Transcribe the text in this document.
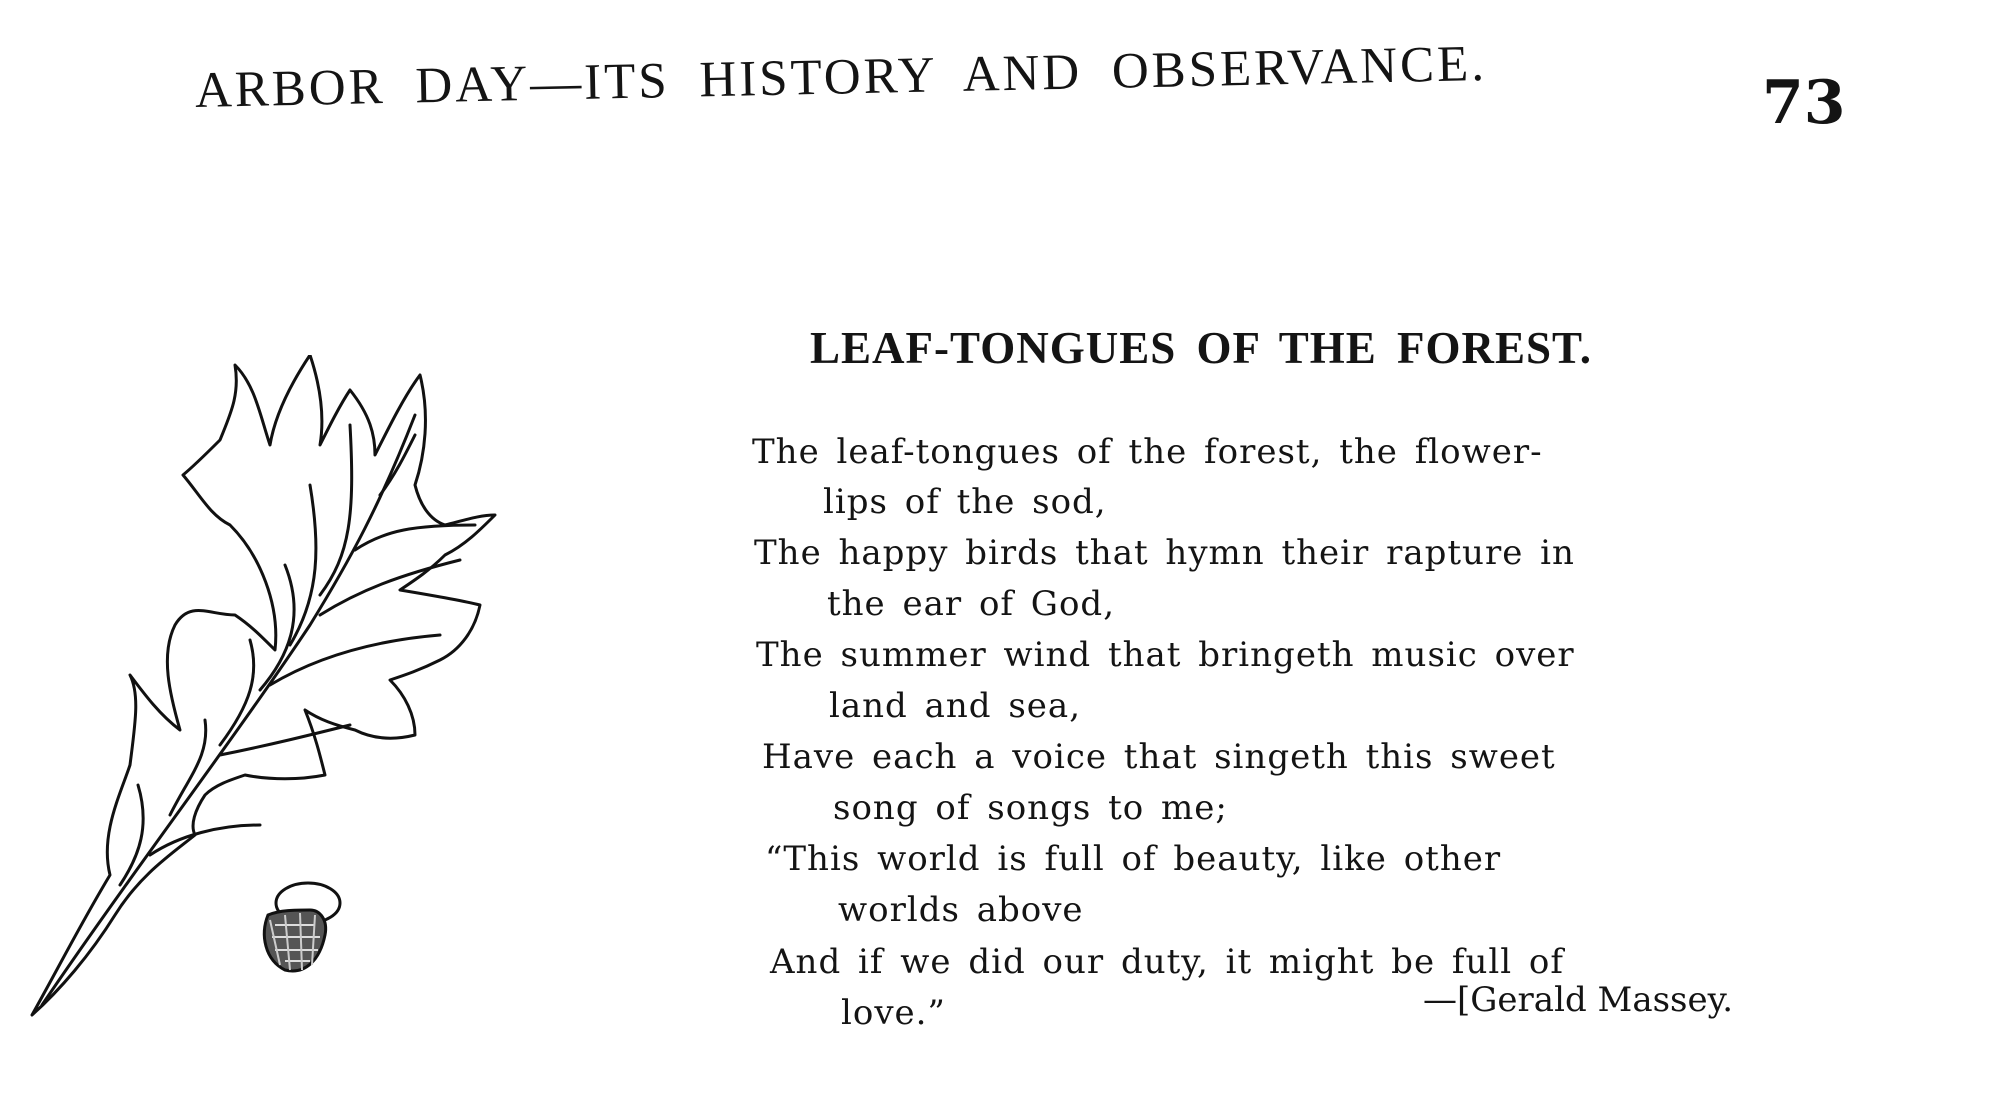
ARBOR DAY—ITS HISTORY AND OBSERVANCE.	73
LEAF-TONGUES OF THE FOREST.
The leaf-tongues of the forest, the flower-
lips of the sod,
The happy birds that hymn their rapture in
the ear of God,
The summer wind that bringeth music over
land and sea,
Have each a voice that singeth this sweet
song of songs to me;
“This world is full of beauty, like other
worlds above
And if we did our duty, it might be full of
love.”	—[Gerald Massey.
